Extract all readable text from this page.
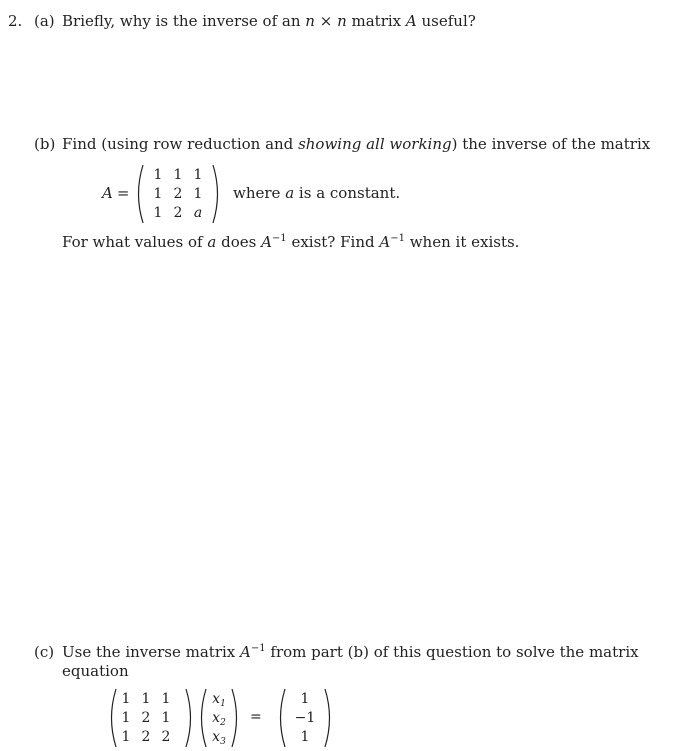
2. (a) Briefly, why is the inverse of an n × n matrix A useful?
(b) Find (using row reduction and showing all working) the inverse of the matrix
A =
1 1 1
1 2 1
1 2 a
where a is a constant.
For what values of a does $A^{-1}$ exist? Find $A^{-1}$ when it exists.
(c) Use the inverse matrix $A^{-1}$ from part (b) of this question to solve the matrix
equation
1 1 1
1 2 1
1 2 2
$x_1$
$x_2$
$x_3$
=
1
−1
1
